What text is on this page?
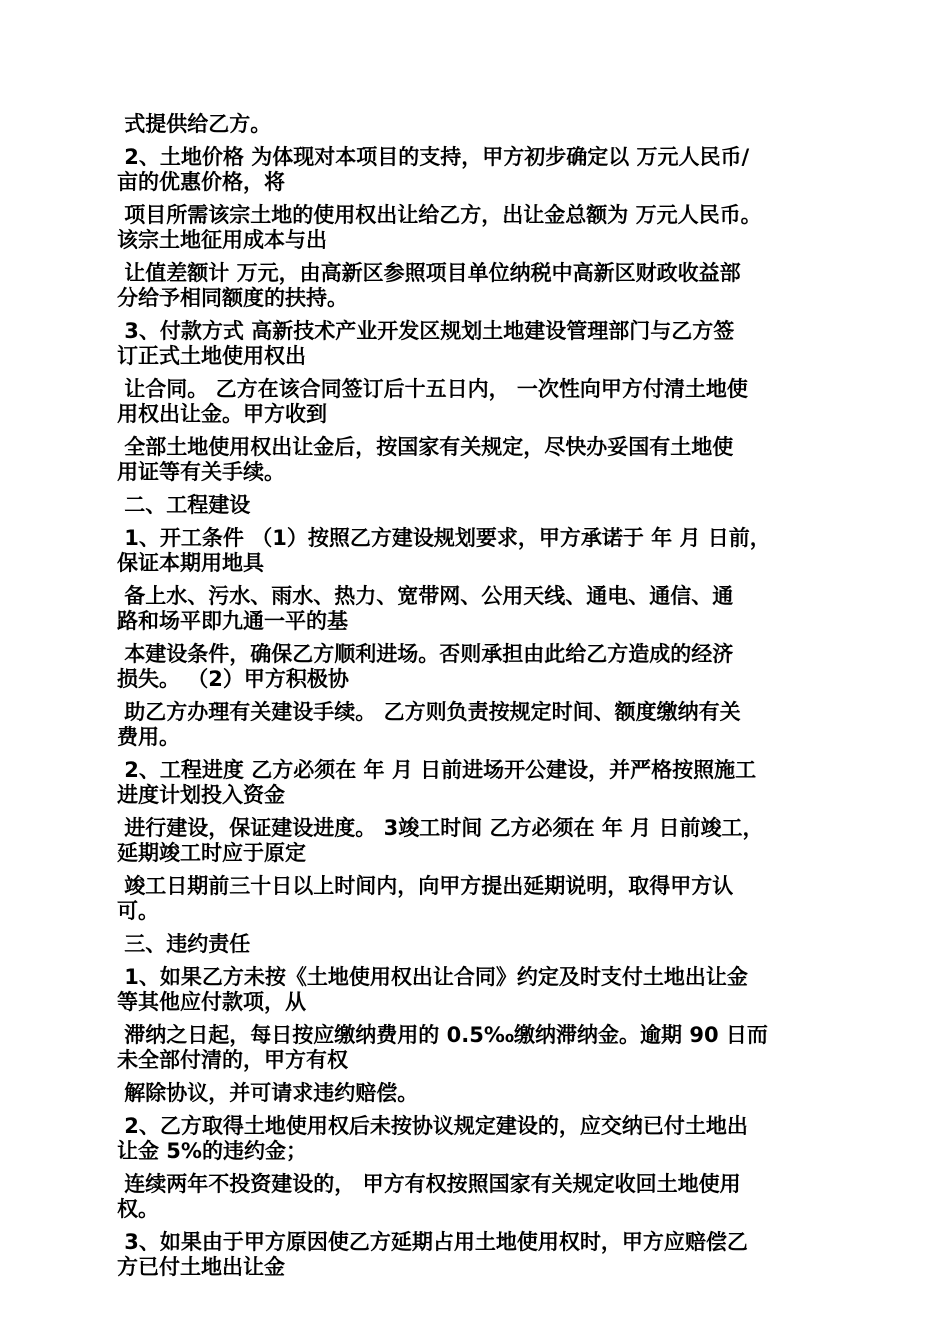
式提供给乙方。
2、土地价格 为体现对本项目的支持，甲方初步确定以 万元人民币/
亩的优惠价格，将
项目所需该宗土地的使用权出让给乙方，出让金总额为 万元人民币。
该宗土地征用成本与出
让值差额计 万元，由高新区参照项目单位纳税中高新区财政收益部
分给予相同额度的扶持。
3、付款方式 高新技术产业开发区规划土地建设管理部门与乙方签
订正式土地使用权出
让合同。 乙方在该合同签订后十五日内， 一次性向甲方付清土地使
用权出让金。甲方收到
全部土地使用权出让金后，按国家有关规定，尽快办妥国有土地使
用证等有关手续。
二、工程建设
1、开工条件 （1）按照乙方建设规划要求，甲方承诺于 年 月 日前，
保证本期用地具
备上水、污水、雨水、热力、宽带网、公用天线、通电、通信、通
路和场平即九通一平的基
本建设条件，确保乙方顺利进场。否则承担由此给乙方造成的经济
损失。 （2）甲方积极协
助乙方办理有关建设手续。 乙方则负责按规定时间、额度缴纳有关
费用。
2、工程进度 乙方必须在 年 月 日前进场开公建设，并严格按照施工
进度计划投入资金
进行建设，保证建设进度。 3竣工时间 乙方必须在 年 月 日前竣工，
延期竣工时应于原定
竣工日期前三十日以上时间内，向甲方提出延期说明，取得甲方认
可。
三、违约责任
1、如果乙方未按《土地使用权出让合同》约定及时支付土地出让金
等其他应付款项，从
滞纳之日起，每日按应缴纳费用的 0.5‰缴纳滞纳金。逾期 90 日而
未全部付清的，甲方有权
解除协议，并可请求违约赔偿。
2、乙方取得土地使用权后未按协议规定建设的，应交纳已付土地出
让金 5%的违约金；
连续两年不投资建设的， 甲方有权按照国家有关规定收回土地使用
权。
3、如果由于甲方原因使乙方延期占用土地使用权时，甲方应赔偿乙
方已付土地出让金
